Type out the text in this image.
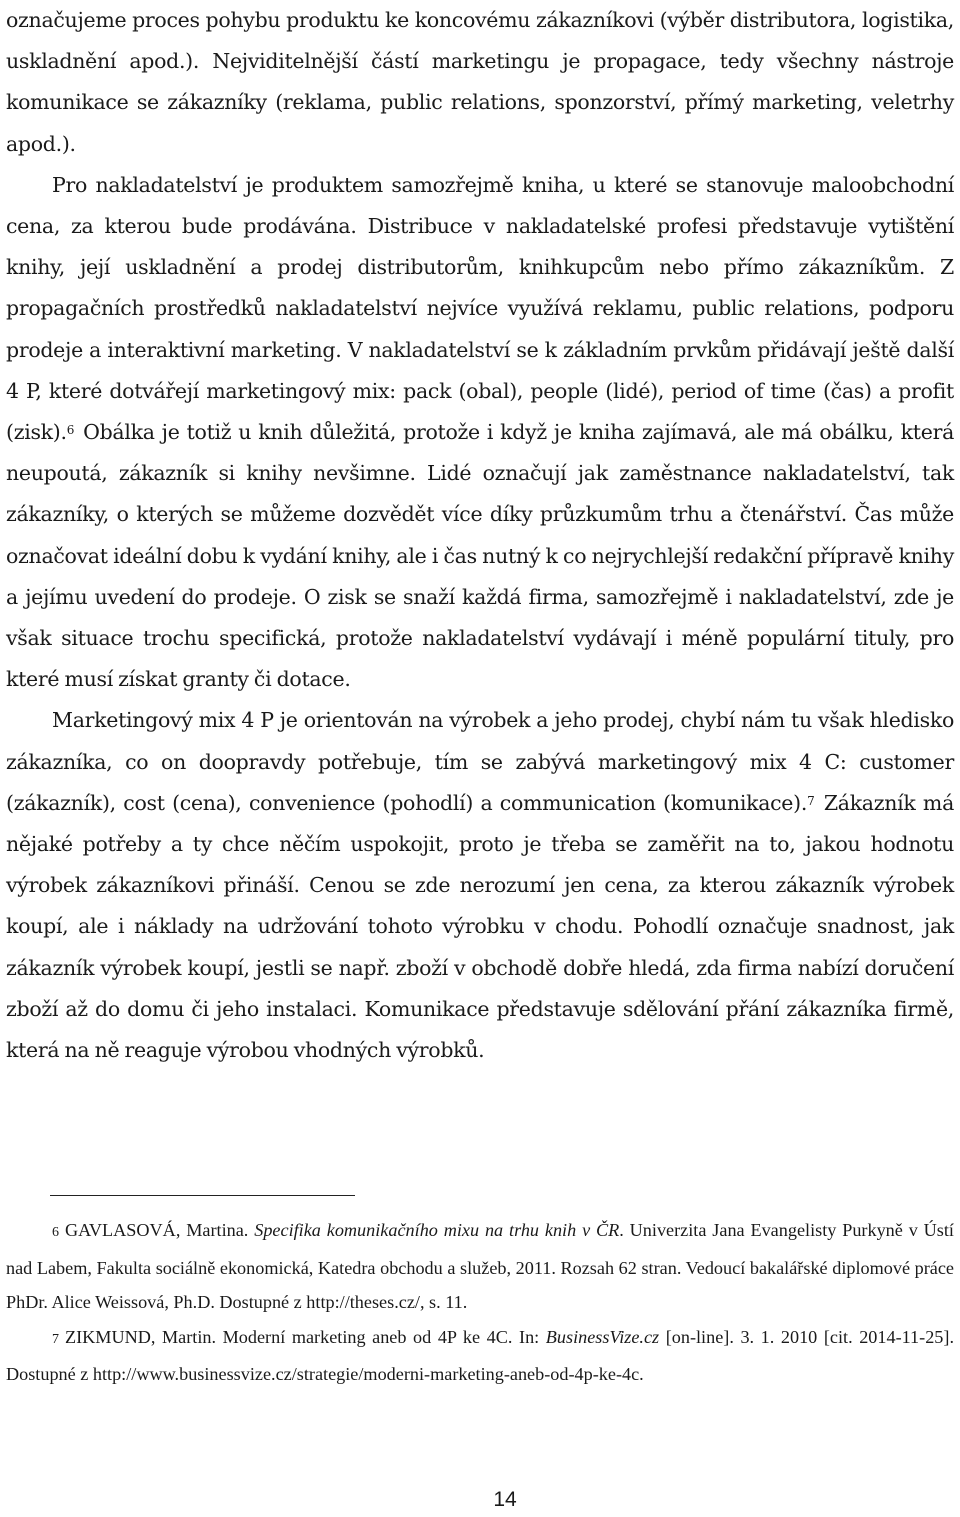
označujeme proces pohybu produktu ke koncovému zákazníkovi (výběr distributora, logistika, uskladnění apod.). Nejviditelnější částí marketingu je propagace, tedy všechny nástroje komunikace se zákazníky (reklama, public relations, sponzorství, přímý marketing, veletrhy apod.).

Pro nakladatelství je produktem samozřejmě kniha, u které se stanovuje maloobchodní cena, za kterou bude prodávána. Distribuce v nakladatelské profesi představuje vytištění knihy, její uskladnění a prodej distributorům, knihkupcům nebo přímo zákazníkům. Z propagačních prostředků nakladatelství nejvíce využívá reklamu, public relations, podporu prodeje a interaktivní marketing. V nakladatelství se k základním prvkům přidávají ještě další 4 P, které dotvářejí marketingový mix: pack (obal), people (lidé), period of time (čas) a profit (zisk).$^6$ Obálka je totiž u knih důležitá, protože i když je kniha zajímavá, ale má obálku, která neupoutá, zákazník si knihy nevšimne. Lidé označují jak zaměstnance nakladatelství, tak zákazníky, o kterých se můžeme dozvědět více díky průzkumům trhu a čtenářství. Čas může označovat ideální dobu k vydání knihy, ale i čas nutný k co nejrychlejší redakční přípravě knihy a jejímu uvedení do prodeje. O zisk se snaží každá firma, samozřejmě i nakladatelství, zde je však situace trochu specifická, protože nakladatelství vydávají i méně populární tituly, pro které musí získat granty či dotace.

Marketingový mix 4 P je orientován na výrobek a jeho prodej, chybí nám tu však hledisko zákazníka, co on doopravdy potřebuje, tím se zabývá marketingový mix 4 C: customer (zákazník), cost (cena), convenience (pohodlí) a communication (komunikace).$^7$ Zákazník má nějaké potřeby a ty chce něčím uspokojit, proto je třeba se zaměřit na to, jakou hodnotu výrobek zákazníkovi přináší. Cenou se zde nerozumí jen cena, za kterou zákazník výrobek koupí, ale i náklady na udržování tohoto výrobku v chodu. Pohodlí označuje snadnost, jak zákazník výrobek koupí, jestli se např. zboží v obchodě dobře hledá, zda firma nabízí doručení zboží až do domu či jeho instalaci. Komunikace představuje sdělování přání zákazníka firmě, která na ně reaguje výrobou vhodných výrobků.

6 GAVLASOVÁ, Martina. Specifika komunikačního mixu na trhu knih v ČR. Univerzita Jana Evangelisty Purkyně v Ústí nad Labem, Fakulta sociálně ekonomická, Katedra obchodu a služeb, 2011. Rozsah 62 stran. Vedoucí bakalářské diplomové práce PhDr. Alice Weissová, Ph.D. Dostupné z http://theses.cz/, s. 11.

7 ZIKMUND, Martin. Moderní marketing aneb od 4P ke 4C. In: BusinessVize.cz [on-line]. 3. 1. 2010 [cit. 2014-11-25]. Dostupné z http://www.businessvize.cz/strategie/moderni-marketing-aneb-od-4p-ke-4c.

14
